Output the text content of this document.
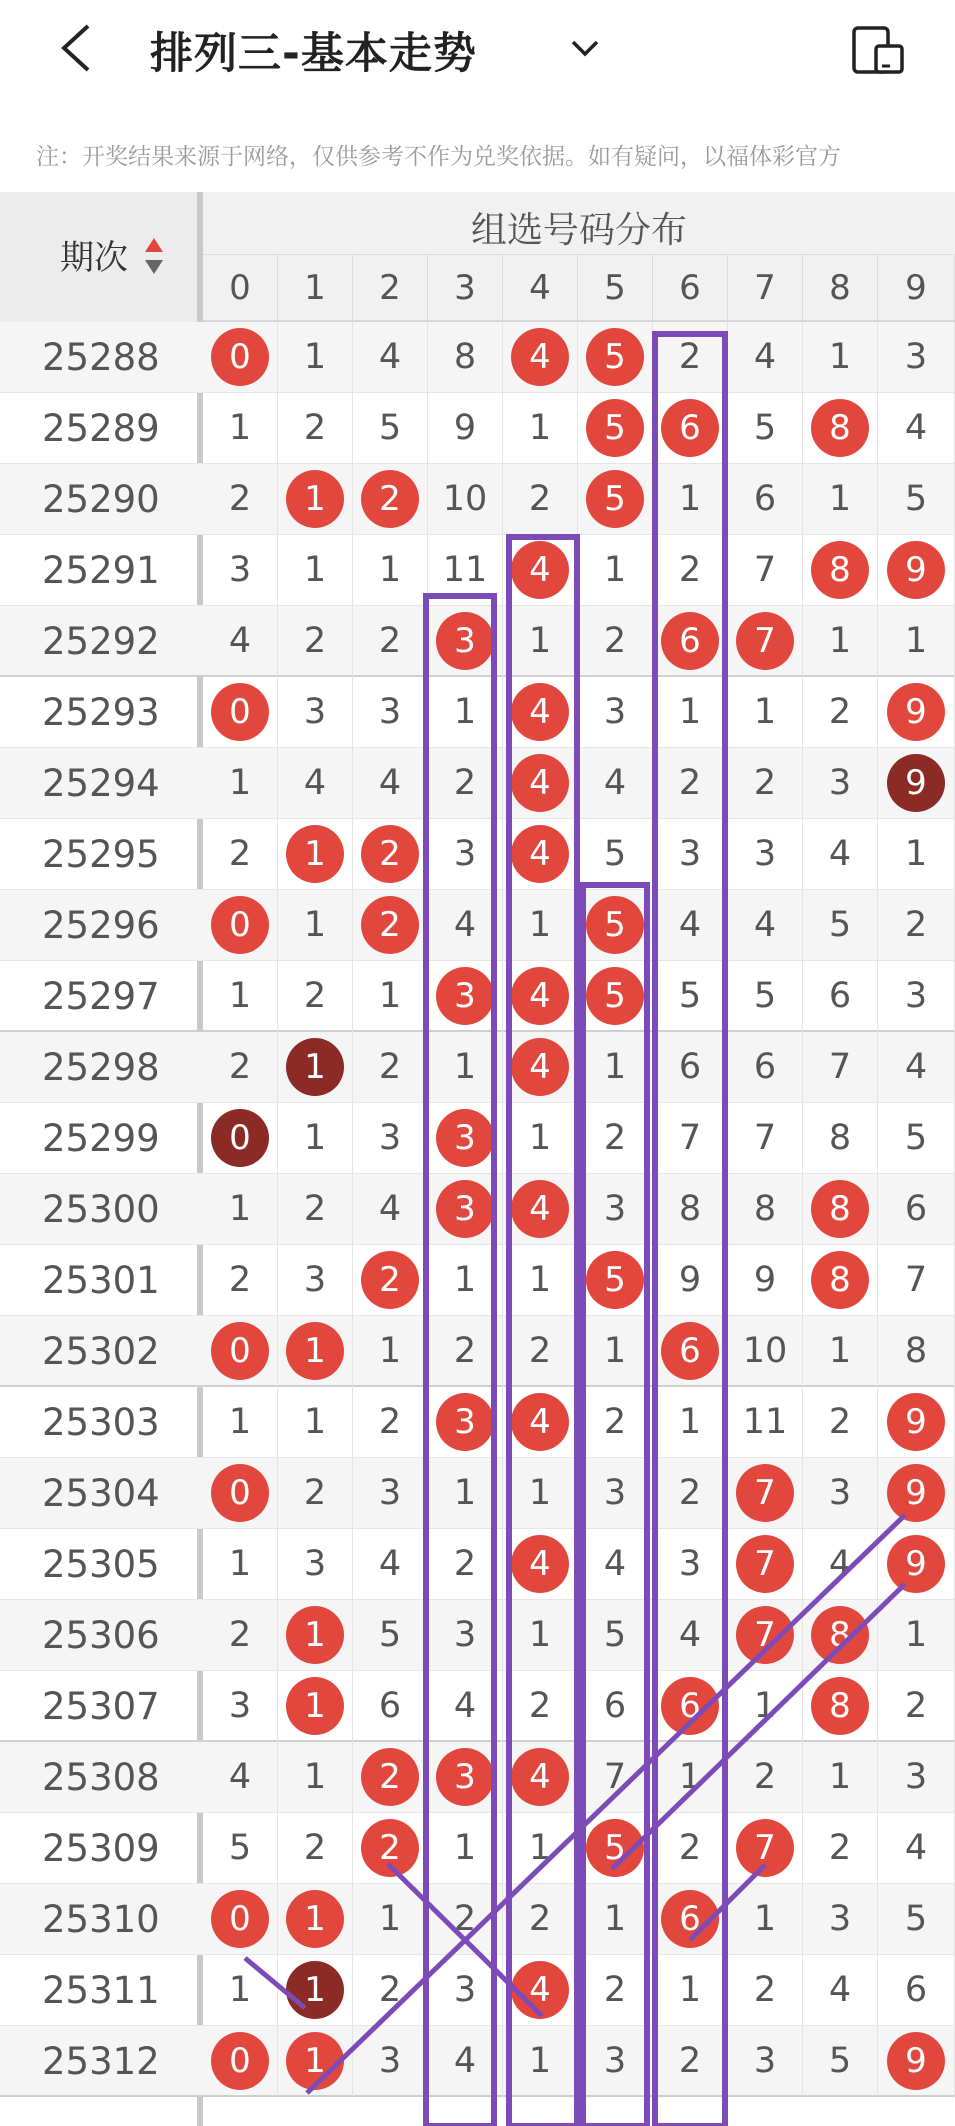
排列三-基本走势
注：开奖结果来源于网络，仅供参考不作为兑奖依据。如有疑问，以福体彩官方
期次
组选号码分布
0	1	2	3	4	5	6	7	8	9
25288	0	1	4	8	4	5	2	4	1	3
25289	1	2	5	9	1	5	6	5	8	4
25290	2	1	2	10	2	5	1	6	1	5
25291	3	1	1	11	4	1	2	7	8	9
25292	4	2	2	3	1	2	6	7	1	1
25293	0	3	3	1	4	3	1	1	2	9
25294	1	4	4	2	4	4	2	2	3	9
25295	2	1	2	3	4	5	3	3	4	1
25296	0	1	2	4	1	5	4	4	5	2
25297	1	2	1	3	4	5	5	5	6	3
25298	2	1	2	1	4	1	6	6	7	4
25299	0	1	3	3	1	2	7	7	8	5
25300	1	2	4	3	4	3	8	8	8	6
25301	2	3	2	1	1	5	9	9	8	7
25302	0	1	1	2	2	1	6	10	1	8
25303	1	1	2	3	4	2	1	11	2	9
25304	0	2	3	1	1	3	2	7	3	9
25305	1	3	4	2	4	4	3	7	4	9
25306	2	1	5	3	1	5	4	7	8	1
25307	3	1	6	4	2	6	6	1	8	2
25308	4	1	2	3	4	7	1	2	1	3
25309	5	2	2	1	1	5	2	7	2	4
25310	0	1	1	2	2	1	6	1	3	5
25311	1	1	2	3	4	2	1	2	4	6
25312	0	1	3	4	1	3	2	3	5	9
